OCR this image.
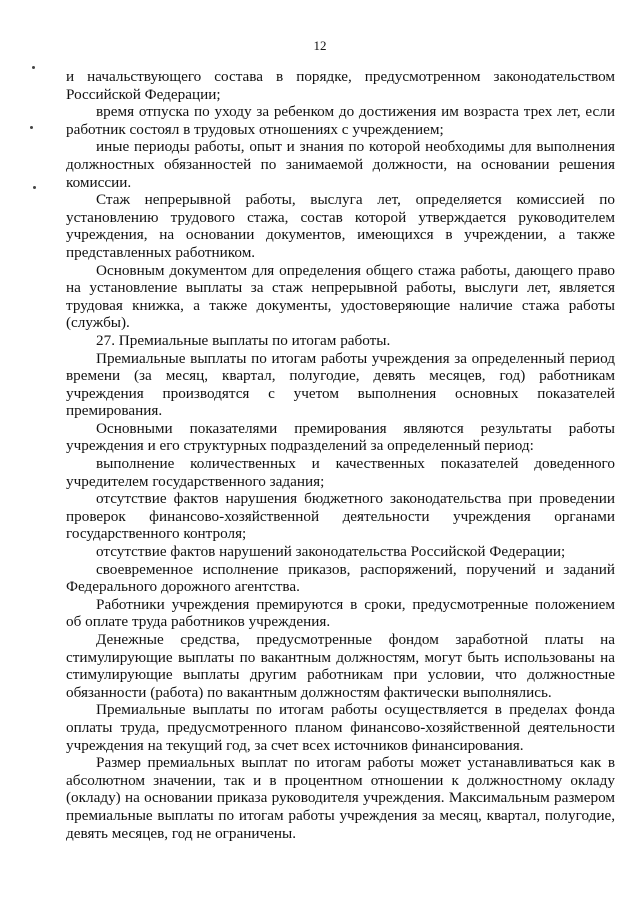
12

и начальствующего состава в порядке, предусмотренном законодательством Российской Федерации;

время отпуска по уходу за ребенком до достижения им возраста трех лет, если работник состоял в трудовых отношениях с учреждением;

иные периоды работы, опыт и знания по которой необходимы для выполнения должностных обязанностей по занимаемой должности, на основании решения комиссии.

Стаж непрерывной работы, выслуга лет, определяется комиссией по установлению трудового стажа, состав которой утверждается руководителем учреждения, на основании документов, имеющихся в учреждении, а также представленных работником.

Основным документом для определения общего стажа работы, дающего право на установление выплаты за стаж непрерывной работы, выслуги лет, является трудовая книжка, а также документы, удостоверяющие наличие стажа работы (службы).

27. Премиальные выплаты по итогам работы.

Премиальные выплаты по итогам работы учреждения за определенный период времени (за месяц, квартал, полугодие, девять месяцев, год) работникам учреждения производятся с учетом выполнения основных показателей премирования.

Основными показателями премирования являются результаты работы учреждения и его структурных подразделений за определенный период:

выполнение количественных и качественных показателей доведенного учредителем государственного задания;

отсутствие фактов нарушения бюджетного законодательства при проведении проверок финансово-хозяйственной деятельности учреждения органами государственного контроля;

отсутствие фактов нарушений законодательства Российской Федерации;

своевременное исполнение приказов, распоряжений, поручений и заданий Федерального дорожного агентства.

Работники учреждения премируются в сроки, предусмотренные положением об оплате труда работников учреждения.

Денежные средства, предусмотренные фондом заработной платы на стимулирующие выплаты по вакантным должностям, могут быть использованы на стимулирующие выплаты другим работникам при условии, что должностные обязанности (работа) по вакантным должностям фактически выполнялись.

Премиальные выплаты по итогам работы осуществляется в пределах фонда оплаты труда, предусмотренного планом финансово-хозяйственной деятельности учреждения на текущий год, за счет всех источников финансирования.

Размер премиальных выплат по итогам работы может устанавливаться как в абсолютном значении, так и в процентном отношении к должностному окладу (окладу) на основании приказа руководителя учреждения. Максимальным размером премиальные выплаты по итогам работы учреждения за месяц, квартал, полугодие, девять месяцев, год не ограничены.
